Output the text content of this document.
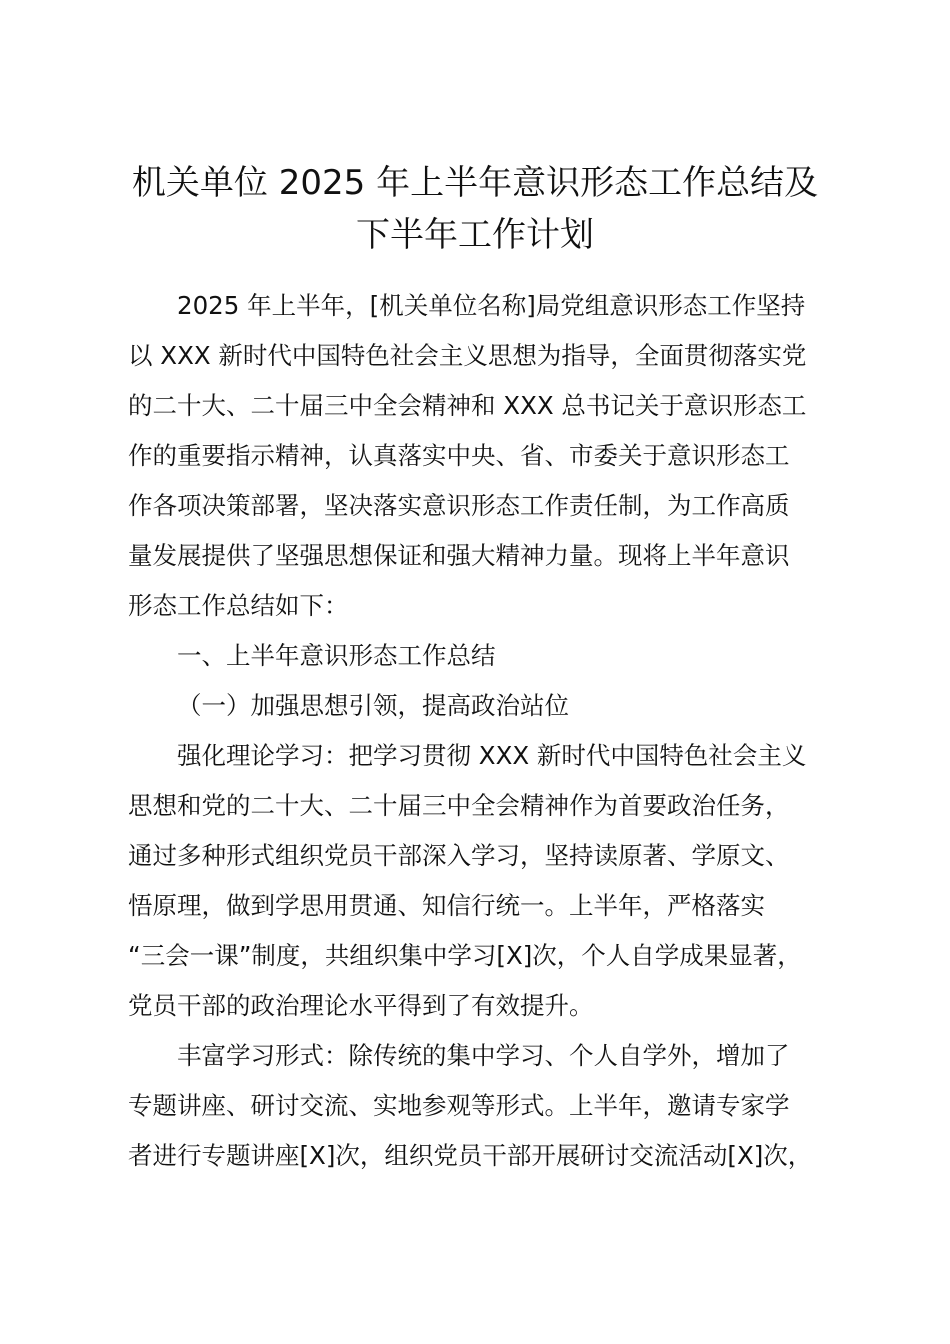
机关单位 2025 年上半年意识形态工作总结及
下半年工作计划
2025 年上半年，[机关单位名称]局党组意识形态工作坚持
以 XXX 新时代中国特色社会主义思想为指导，全面贯彻落实党
的二十大、二十届三中全会精神和 XXX 总书记关于意识形态工
作的重要指示精神，认真落实中央、省、市委关于意识形态工
作各项决策部署，坚决落实意识形态工作责任制，为工作高质
量发展提供了坚强思想保证和强大精神力量。现将上半年意识
形态工作总结如下：
一、上半年意识形态工作总结
（一）加强思想引领，提高政治站位
强化理论学习：把学习贯彻 XXX 新时代中国特色社会主义
思想和党的二十大、二十届三中全会精神作为首要政治任务，
通过多种形式组织党员干部深入学习，坚持读原著、学原文、
悟原理，做到学思用贯通、知信行统一。上半年，严格落实
“三会一课”制度，共组织集中学习[X]次，个人自学成果显著，
党员干部的政治理论水平得到了有效提升。
丰富学习形式：除传统的集中学习、个人自学外，增加了
专题讲座、研讨交流、实地参观等形式。上半年，邀请专家学
者进行专题讲座[X]次，组织党员干部开展研讨交流活动[X]次，
